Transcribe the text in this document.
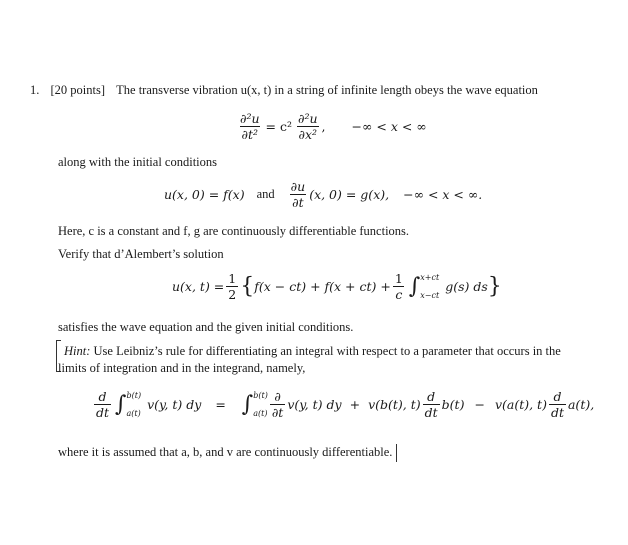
1. [20 points] The transverse vibration u(x, t) in a string of infinite length obeys the wave equation
$\frac{\text{∂²u}}{\text{∂t²}} = c^2 \frac{\text{∂²u}}{\text{∂x²}}$ , −∞ < x < ∞
along with the initial conditions
u(x, 0) = f(x) and $\frac{\partial u}{\partial t} (x$, 0) = g(x), −∞ < x < ∞.
Here, c is a constant and f, g are continuously differentiable functions.
Verify that d’Alembert’s solution
u(x, $t) = \frac{1}{2}$ { $f(x - ct) + f(x + ct) + \frac{1}{c}$ ∫ x+ct
x−ct
g(s) ds }
satisfies the wave equation and the given initial conditions.
Hint: Use Leibniz’s rule for differentiating an integral with respect to a parameter that occurs in the
limits of integration and in the integrand, namely,
$\frac{d}{dt}$ ∫ b(t)
a(t)
v(y, t) dy = ∫ b(t)
$a(t) \frac{\partial}{\partial t} v(y$, t) dy + v(b(t), $t) \frac{d}{dt} b(t) - v(a(t)$, $t) \frac{d}{dt} a(t)$,
where it is assumed that a, b, and v are continuously differentiable.
